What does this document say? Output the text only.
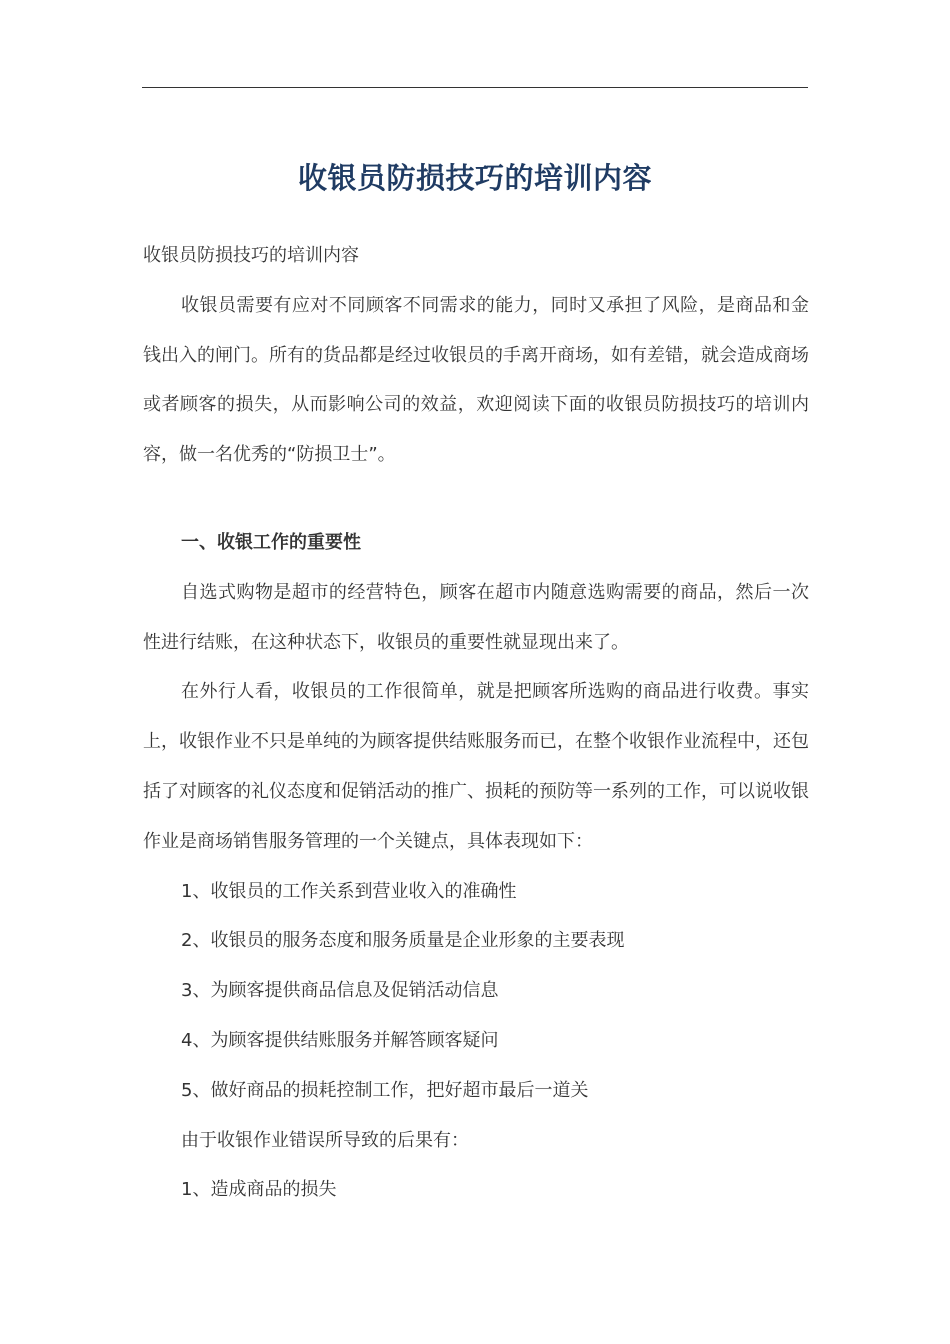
收银员防损技巧的培训内容

收银员防损技巧的培训内容

收银员需要有应对不同顾客不同需求的能力，同时又承担了风险，是商品和金钱出入的闸门。所有的货品都是经过收银员的手离开商场，如有差错，就会造成商场或者顾客的损失，从而影响公司的效益，欢迎阅读下面的收银员防损技巧的培训内容，做一名优秀的“防损卫士”。

一、收银工作的重要性

自选式购物是超市的经营特色，顾客在超市内随意选购需要的商品，然后一次性进行结账，在这种状态下，收银员的重要性就显现出来了。

在外行人看，收银员的工作很简单，就是把顾客所选购的商品进行收费。事实上，收银作业不只是单纯的为顾客提供结账服务而已，在整个收银作业流程中，还包括了对顾客的礼仪态度和促销活动的推广、损耗的预防等一系列的工作，可以说收银作业是商场销售服务管理的一个关键点，具体表现如下：

1、收银员的工作关系到营业收入的准确性

2、收银员的服务态度和服务质量是企业形象的主要表现

3、为顾客提供商品信息及促销活动信息

4、为顾客提供结账服务并解答顾客疑问

5、做好商品的损耗控制工作，把好超市最后一道关

由于收银作业错误所导致的后果有：

1、造成商品的损失
